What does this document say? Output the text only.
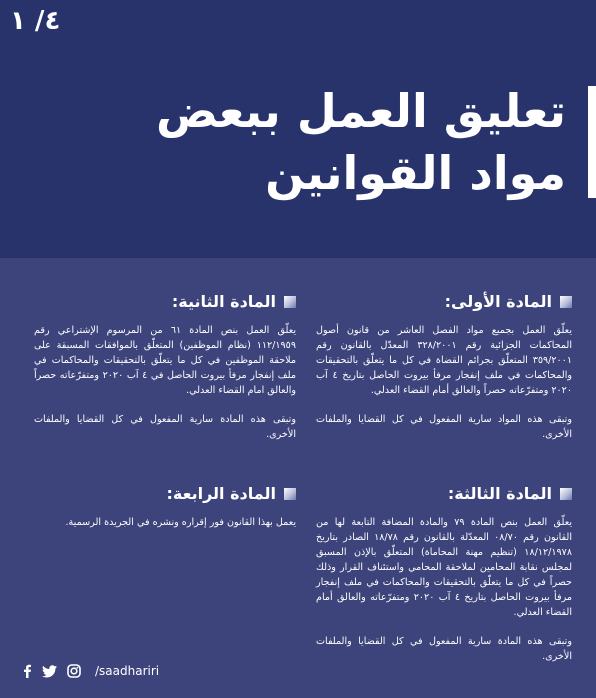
٤/ ١
تعليق العمل ببعض
مواد القوانين
المادة الأولى:

يعلّق العمل بجميع مواد الفصل العاشر من قانون أصول المحاكمات الجزائية رقم ٣٢٨/٢٠٠١ المعدّل بالقانون رقم ٣٥٩/٢٠٠١ المتعلّق بجرائم القضاة في كل ما يتعلّق بالتحقيقات والمحاكمات في ملف إنفجار مرفأ بيروت الحاصل بتاريخ ٤ آب ٢٠٢٠ ومتفرّعاته حصراً والعالق أمام القضاء العدلي.

وتبقى هذه المواد سارية المفعول في كل القضايا والملفات الأخرى.

المادة الثانية:

يعلّق العمل بنص المادة ٦١ من المرسوم الإشتراعي رقم ١١٢/١٩٥٩ (نظام الموظفين) المتعلّق بالموافقات المسبقة على ملاحقة الموظفين في كل ما يتعلّق بالتحقيقات والمحاكمات في ملف إنفجار مرفأ بيروت الحاصل في ٤ آب ٢٠٢٠ ومتفرّعاته حصراً والعالق امام القضاء العدلي.

وتبقى هذه المادة سارية المفعول في كل القضايا والملفات الأخرى.

المادة الثالثة:

يعلّق العمل بنص المادة ٧٩ والمادة المضافة التابعة لها من القانون رقم ٠٨/٧٠ المعدّلة بالقانون رقم ١٨/٧٨ الصادر بتاريخ ١٨/١٢/١٩٧٨ (تنظيم مهنة المحاماة) المتعلّق بالإذن المسبق لمجلس نقابة المحامين لملاحقة المحامي واستئناف القرار وذلك حصراً في كل ما يتعلّق بالتحقيقات والمحاكمات في ملف إنفجار مرفأ بيروت الحاصل بتاريخ ٤ آب ٢٠٢٠ ومتفرّعاته والعالق أمام القضاء العدلي.

وتبقى هذه المادة سارية المفعول في كل القضايا والملفات الأخرى.

المادة الرابعة:

يعمل بهذا القانون فور إقراره ونشره في الجريدة الرسمية.

/saadhariri
